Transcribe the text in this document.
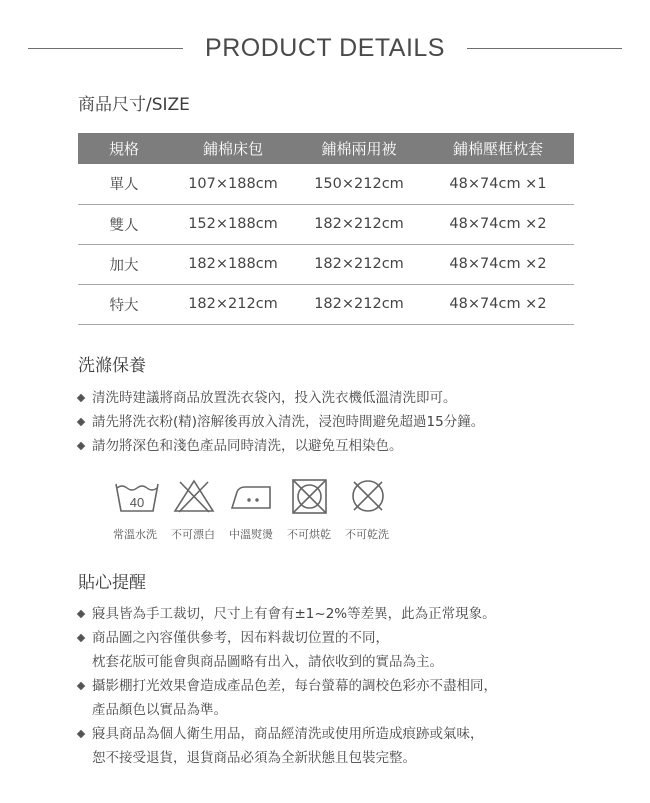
PRODUCT DETAILS
商品尺寸/SIZE
規格	鋪棉床包	鋪棉兩用被	鋪棉壓框枕套
單人	107×188cm	150×212cm	48×74cm ×1
雙人	152×188cm	182×212cm	48×74cm ×2
加大	182×188cm	182×212cm	48×74cm ×2
特大	182×212cm	182×212cm	48×74cm ×2
洗滌保養
清洗時建議將商品放置洗衣袋內，投入洗衣機低溫清洗即可。
請先將洗衣粉(精)溶解後再放入清洗，浸泡時間避免超過15分鐘。
請勿將深色和淺色產品同時清洗，以避免互相染色。
40
常溫水洗	不可漂白	中溫熨燙	不可烘乾	不可乾洗
貼心提醒
寢具皆為手工裁切，尺寸上有會有±1~2%等差異，此為正常現象。
商品圖之內容僅供參考，因布料裁切位置的不同，
枕套花版可能會與商品圖略有出入，請依收到的實品為主。
攝影棚打光效果會造成產品色差，每台螢幕的調校色彩亦不盡相同，
產品顏色以實品為準。
寢具商品為個人衛生用品，商品經清洗或使用所造成痕跡或氣味，
恕不接受退貨，退貨商品必須為全新狀態且包裝完整。
